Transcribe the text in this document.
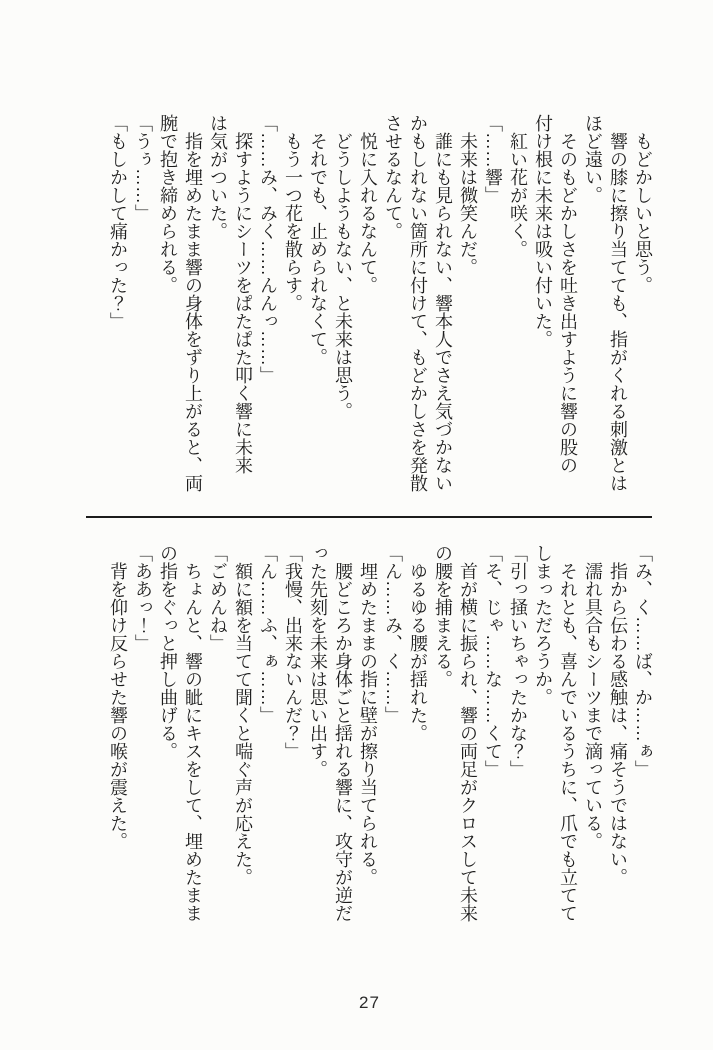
もどかしいと思う。

響の膝に擦り当てても、指がくれる刺激とは

ほど遠い。

そのもどかしさを吐き出すように響の股の

付け根に未来は吸い付いた。

紅い花が咲く。

「……響」

未来は微笑んだ。

誰にも見られない、響本人でさえ気づかない

かもしれない箇所に付けて、もどかしさを発散

させるなんて。

悦に入れるなんて。

どうしようもない、と未来は思う。

それでも、止められなくて。

もう一つ花を散らす。

「……み、みく……んんっ……」

探すようにシーツをぱたぱた叩く響に未来

は気がついた。

指を埋めたまま響の身体をずり上がると、両

腕で抱き締められる。

「うぅ……」

「もしかして痛かった？」

「み、く……ば、か……ぁ」

指から伝わる感触は、痛そうではない。

濡れ具合もシーツまで滴っている。

それとも、喜んでいるうちに、爪でも立てて

しまっただろうか。

「引っ掻いちゃったかな？」

「そ、じゃ……な……くて」

首が横に振られ、響の両足がクロスして未来

の腰を捕まえる。

ゆるゆる腰が揺れた。

「ん……み、く……」

埋めたままの指に壁が擦り当てられる。

腰どころか身体ごと揺れる響に、攻守が逆だ

った先刻を未来は思い出す。

「我慢、出来ないんだ？」

「ん……ふ、ぁ……」

額に額を当てて聞くと喘ぐ声が応えた。

「ごめんね」

ちょんと、響の眦にキスをして、埋めたまま

の指をぐっと押し曲げる。

「ああっ！」

背を仰け反らせた響の喉が震えた。

27
